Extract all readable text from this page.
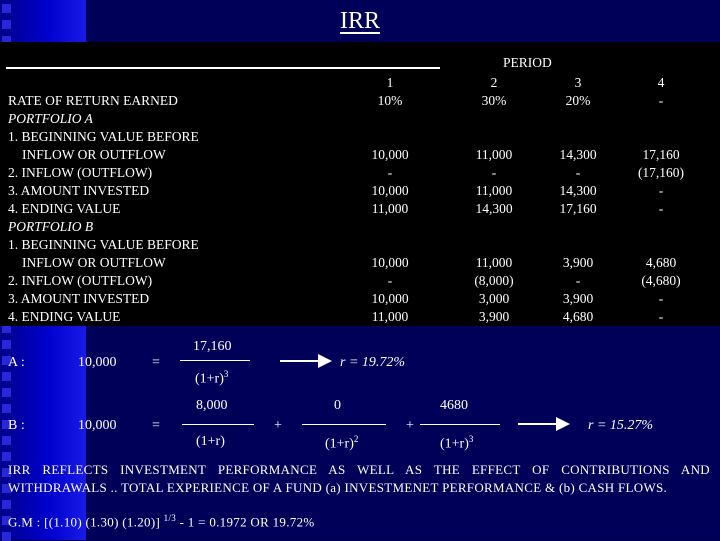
IRR
PERIOD
1	2	3	4
RATE OF RETURN EARNED	10%	30%	20%	-
PORTFOLIO A
1. BEGINNING VALUE BEFORE
INFLOW OR OUTFLOW	10,000	11,000	14,300	17,160
2. INFLOW (OUTFLOW)	-	-	-	(17,160)
3. AMOUNT INVESTED	10,000	11,000	14,300	-
4. ENDING VALUE	11,000	14,300	17,160	-
PORTFOLIO B
1. BEGINNING VALUE BEFORE
INFLOW OR OUTFLOW	10,000	11,000	3,900	4,680
2. INFLOW (OUTFLOW)	-	(8,000)	-	(4,680)
3. AMOUNT INVESTED	10,000	3,000	3,900	-
4. ENDING VALUE	11,000	3,900	4,680	-
A :	10,000	=
17,160
$(1+r)^3$
r = 19.72%
B :	10,000	=
8,000
(1+r)
+
0
$(1+r)^2$
+
4680
$(1+r)^3$
r = 15.27%
IRR REFLECTS INVESTMENT PERFORMANCE AS WELL AS THE EFFECT OF CONTRIBUTIONS AND WITHDRAWALS .. TOTAL EXPERIENCE OF A FUND (a) INVESTMENET PERFORMANCE & (b) CASH FLOWS.
G.M : [(1.10) (1.30) (1.20)] $^{1/3}$ - 1 = 0.1972 OR 19.72%
